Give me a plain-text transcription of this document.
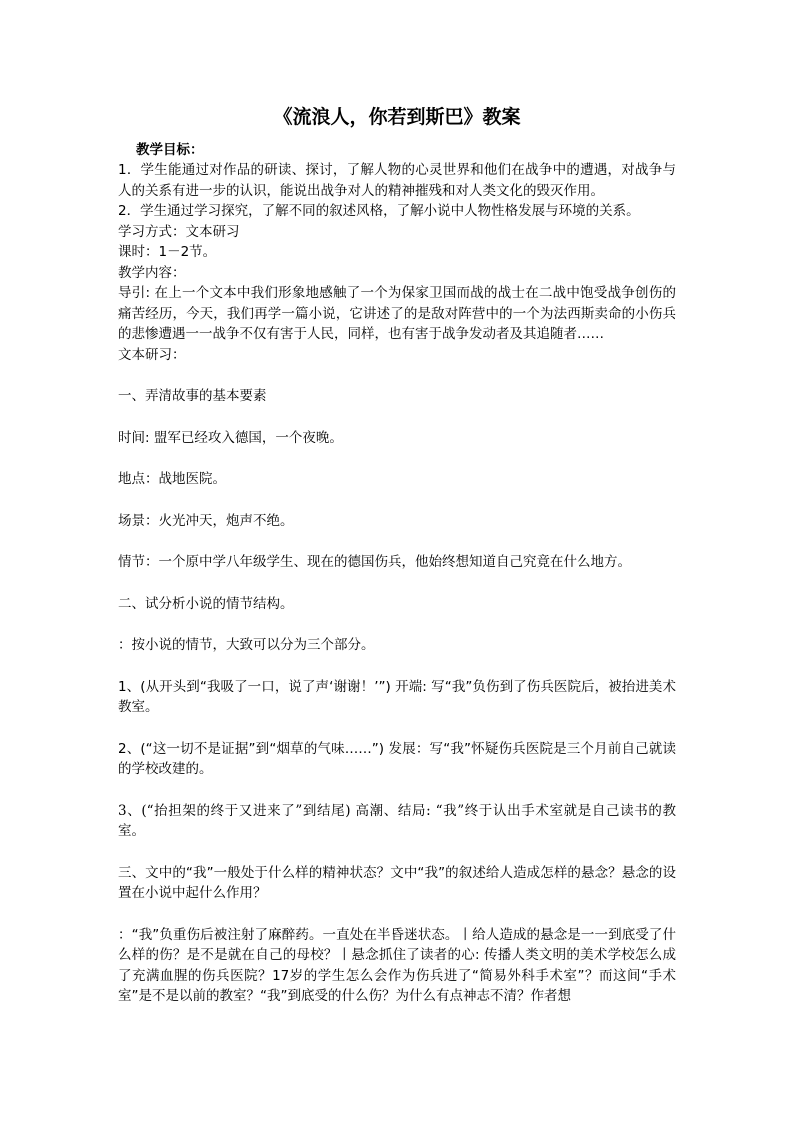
《流浪人，你若到斯巴》教案

教学目标：

1．学生能通过对作品的研读、探讨，了解人物的心灵世界和他们在战争中的遭遇，对战争与人的关系有进一步的认识，能说出战争对人的精神摧残和对人类文化的毁灭作用。

2．学生通过学习探究，了解不同的叙述风格，了解小说中人物性格发展与环境的关系。

学习方式：文本研习

课时：1－2节。

教学内容：

导引: 在上一个文本中我们形象地感触了一个为保家卫国而战的战士在二战中饱受战争创伤的痛苦经历，今天，我们再学一篇小说，它讲述了的是敌对阵营中的一个为法西斯卖命的小伤兵的悲惨遭遇一一战争不仅有害于人民，同样，也有害于战争发动者及其追随者……

文本研习：

一、弄清故事的基本要素

时间: 盟军已经攻入德国，一个夜晚。

地点：战地医院。

场景：火光冲天，炮声不绝。

情节：一个原中学八年级学生、现在的德国伤兵，他始终想知道自己究竟在什么地方。

二、试分析小说的情节结构。

：按小说的情节，大致可以分为三个部分。

1、(从开头到“我吸了一口，说了声‘谢谢！’”) 开端: 写“我”负伤到了伤兵医院后，被抬进美术教室。

2、(“这一切不是证据”到“烟草的气味……”) 发展：写“我”怀疑伤兵医院是三个月前自己就读的学校改建的。

3、(“抬担架的终于又进来了”到结尾) 高潮、结局: “我”终于认出手术室就是自己读书的教室。

三、文中的“我”一般处于什么样的精神状态？文中“我”的叙述给人造成怎样的悬念？悬念的设置在小说中起什么作用？

：“我”负重伤后被注射了麻醉药。一直处在半昏迷状态。丨给人造成的悬念是一一到底受了什么样的伤？是不是就在自己的母校？丨悬念抓住了读者的心: 传播人类文明的美术学校怎么成了充满血腥的伤兵医院？17岁的学生怎么会作为伤兵进了“简易外科手术室”？而这间“手术室”是不是以前的教室？“我”到底受的什么伤？为什么有点神志不清？作者想
